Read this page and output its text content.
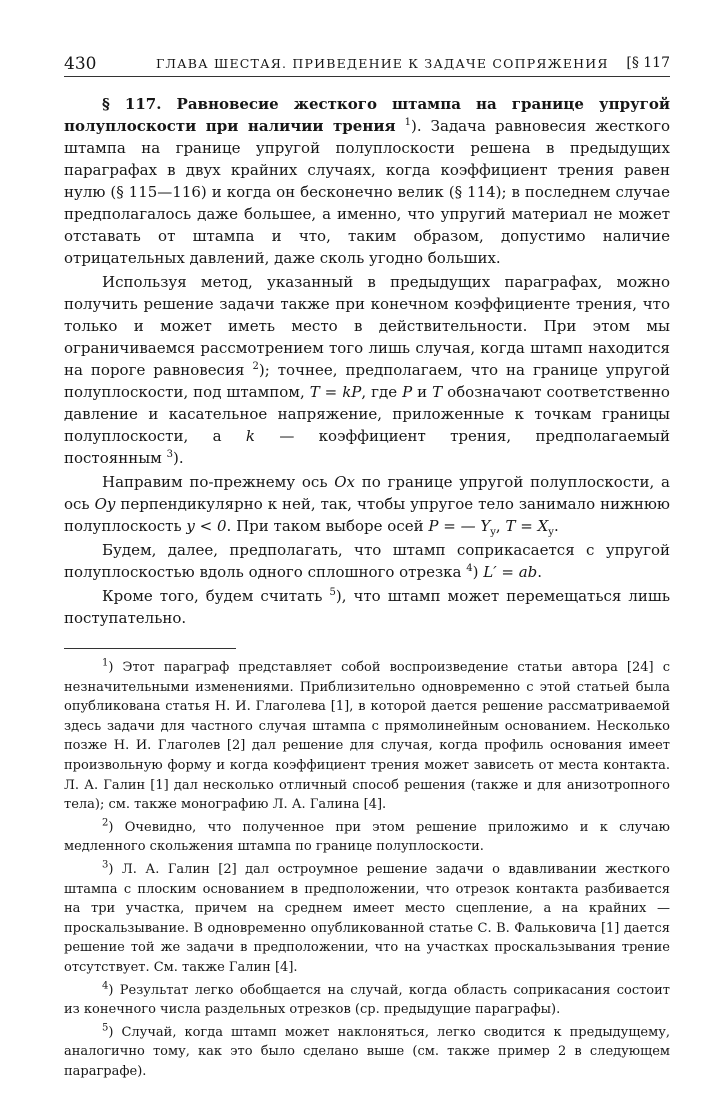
430	ГЛАВА ШЕСТАЯ. ПРИВЕДЕНИЕ К ЗАДАЧЕ СОПРЯЖЕНИЯ [§ 117

§ 117. Равновесие жесткого штампа на границе упругой полуплоскости при наличии трения $^1$). Задача равновесия жесткого штампа на границе упругой полуплоскости решена в предыдущих параграфах в двух крайних случаях, когда коэффициент трения равен нулю (§ 115—116) и когда он бесконечно велик (§ 114); в последнем случае предполагалось даже большее, а именно, что упругий материал не может отставать от штампа и что, таким образом, допустимо наличие отрицательных давлений, даже сколь угодно больших.

Используя метод, указанный в предыдущих параграфах, можно получить решение задачи также при конечном коэффициенте трения, что только и может иметь место в действительности. При этом мы ограничиваемся рассмотрением того лишь случая, когда штамп находится на пороге равновесия $^2$); точнее, предполагаем, что на границе упругой полуплоскости, под штампом, T = kP, где P и T обозначают соответственно давление и касательное напряжение, приложенные к точкам границы полуплоскости, а k — коэффициент трения, предполагаемый постоянным $^3$).

Направим по-прежнему ось Ox по границе упругой полуплоскости, а ось Oy перпендикулярно к ней, так, чтобы упругое тело занимало нижнюю полуплоскость y < 0. При таком выборе осей P = — $Y_y$, $T = X_y$.

Будем, далее, предполагать, что штамп соприкасается с упругой полуплоскостью вдоль одного сплошного отрезка $^4$) L′ = ab.

Кроме того, будем считать $^5$), что штамп может перемещаться лишь поступательно.

$^1$) Этот параграф представляет собой воспроизведение статьи автора [24] с незначительными изменениями. Приблизительно одновременно с этой статьей была опубликована статья Н. И. Глаголева [1], в которой дается решение рассматриваемой здесь задачи для частного случая штампа с прямолинейным основанием. Несколько позже Н. И. Глаголев [2] дал решение для случая, когда профиль основания имеет произвольную форму и когда коэффициент трения может зависеть от места контакта. Л. А. Галин [1] дал несколько отличный способ решения (также и для анизотропного тела); см. также монографию Л. А. Галина [4].

$^2$) Очевидно, что полученное при этом решение приложимо и к случаю медленного скольжения штампа по границе полуплоскости.

$^3$) Л. А. Галин [2] дал остроумное решение задачи о вдавливании жесткого штампа с плоским основанием в предположении, что отрезок контакта разбивается на три участка, причем на среднем имеет место сцепление, а на крайних — проскальзывание. В одновременно опубликованной статье С. В. Фальковича [1] дается решение той же задачи в предположении, что на участках проскальзывания трение отсутствует. См. также Галин [4].

$^4$) Результат легко обобщается на случай, когда область соприкасания состоит из конечного числа раздельных отрезков (ср. предыдущие параграфы).

$^5$) Случай, когда штамп может наклоняться, легко сводится к предыдущему, аналогично тому, как это было сделано выше (см. также пример 2 в следующем параграфе).
